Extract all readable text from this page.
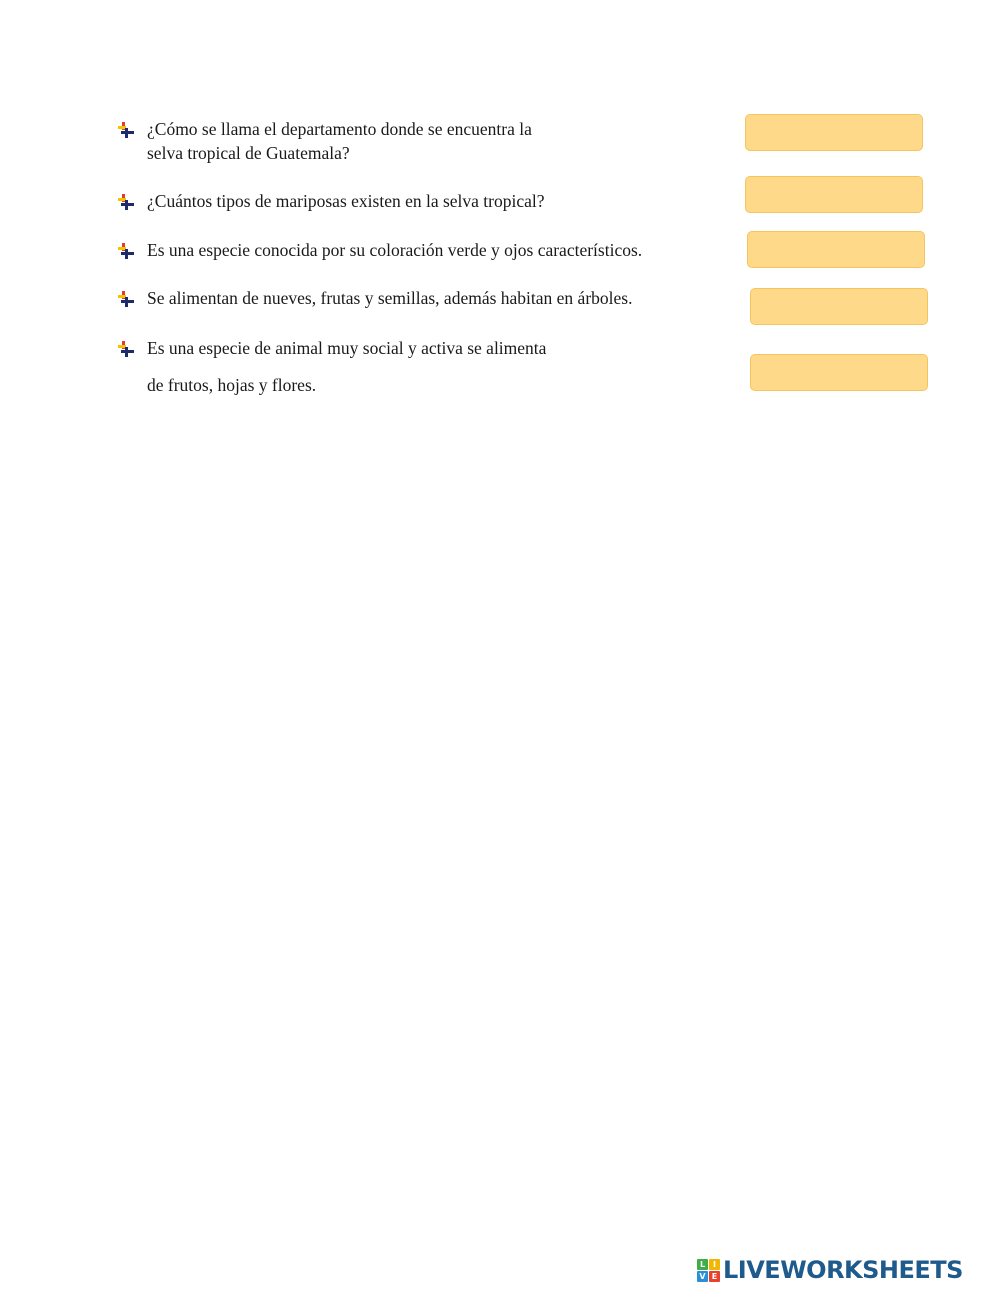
¿Cómo se llama el departamento donde se encuentra la
selva tropical de Guatemala?
¿Cuántos tipos de mariposas existen en la selva tropical?
Es una especie conocida por su coloración verde y ojos característicos.
Se alimentan de nueves, frutas y semillas, además habitan en árboles.
Es una especie de animal muy social y activa se alimenta
de frutos, hojas y flores.
L I
V E LIVEWORKSHEETS
